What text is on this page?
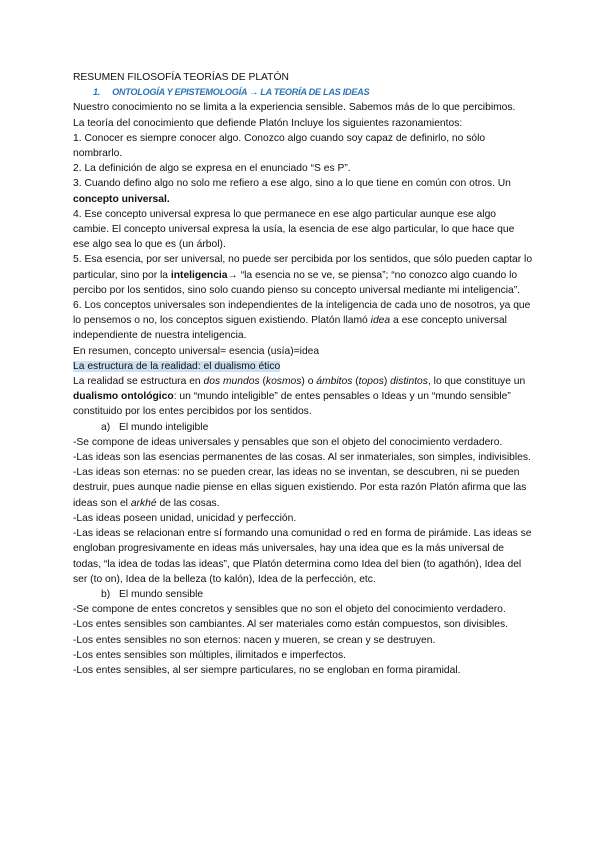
RESUMEN FILOSOFÍA TEORÍAS DE PLATÓN

1. ONTOLOGÍA Y EPISTEMOLOGÍA → LA TEORÍA DE LAS IDEAS

Nuestro conocimiento no se limita a la experiencia sensible. Sabemos más de lo que percibimos.

La teoría del conocimiento que defiende Platón Incluye los siguientes razonamientos:

1. Conocer es siempre conocer algo. Conozco algo cuando soy capaz de definirlo, no sólo nombrarlo.

2. La definición de algo se expresa en el enunciado “S es P”.

3. Cuando defino algo no solo me refiero a ese algo, sino a lo que tiene en común con otros. Un concepto universal.

4. Ese concepto universal expresa lo que permanece en ese algo particular aunque ese algo cambie. El concepto universal expresa la usía, la esencia de ese algo particular, lo que hace que ese algo sea lo que es (un árbol).

5. Esa esencia, por ser universal, no puede ser percibida por los sentidos, que sólo pueden captar lo particular, sino por la inteligencia→ “la esencia no se ve, se piensa”; “no conozco algo cuando lo percibo por los sentidos, sino solo cuando pienso su concepto universal mediante mi inteligencia”.

6. Los conceptos universales son independientes de la inteligencia de cada uno de nosotros, ya que lo pensemos o no, los conceptos siguen existiendo. Platón llamó idea a ese concepto universal independiente de nuestra inteligencia.

En resumen, concepto universal= esencia (usía)=idea

La estructura de la realidad: el dualismo ético

La realidad se estructura en dos mundos (kosmos) o ámbitos (topos) distintos, lo que constituye un dualismo ontológico: un “mundo inteligible” de entes pensables o Ideas y un “mundo sensible” constituido por los entes percibidos por los sentidos.

a) El mundo inteligible

-Se compone de ideas universales y pensables que son el objeto del conocimiento verdadero.

-Las ideas son las esencias permanentes de las cosas. Al ser inmateriales, son simples, indivisibles.

-Las ideas son eternas: no se pueden crear, las ideas no se inventan, se descubren, ni se pueden destruir, pues aunque nadie piense en ellas siguen existiendo. Por esta razón Platón afirma que las ideas son el arkhé de las cosas.

-Las ideas poseen unidad, unicidad y perfección.

-Las ideas se relacionan entre sí formando una comunidad o red en forma de pirámide. Las ideas se engloban progresivamente en ideas más universales, hay una idea que es la más universal de todas, “la idea de todas las ideas”, que Platón determina como Idea del bien (to agathón), Idea del ser (to on), Idea de la belleza (to kalón), Idea de la perfección, etc.

b) El mundo sensible

-Se compone de entes concretos y sensibles que no son el objeto del conocimiento verdadero.

-Los entes sensibles son cambiantes. Al ser materiales como están compuestos, son divisibles.

-Los entes sensibles no son eternos: nacen y mueren, se crean y se destruyen.

-Los entes sensibles son múltiples, ilimitados e imperfectos.

-Los entes sensibles, al ser siempre particulares, no se engloban en forma piramidal.
